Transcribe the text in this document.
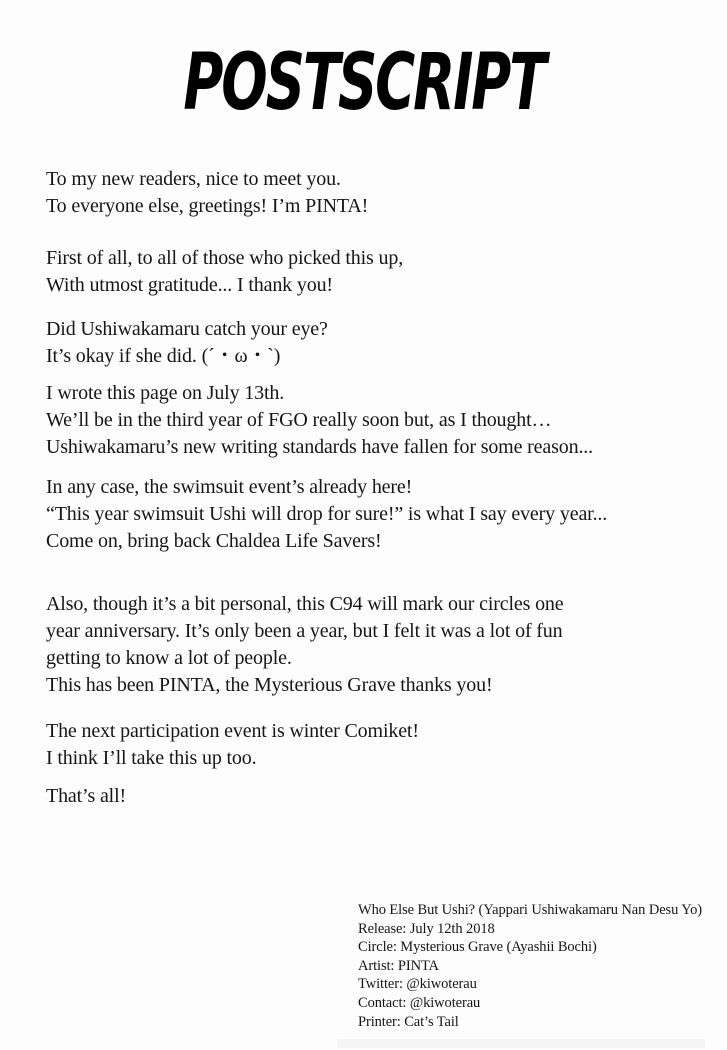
POSTSCRIPT
To my new readers, nice to meet you.
To everyone else, greetings! I’m PINTA!
First of all, to all of those who picked this up,
With utmost gratitude... I thank you!
Did Ushiwakamaru catch your eye?
It’s okay if she did. (´・ω・`)
I wrote this page on July 13th.
We’ll be in the third year of FGO really soon but, as I thought…
Ushiwakamaru’s new writing standards have fallen for some reason...
In any case, the swimsuit event’s already here!
“This year swimsuit Ushi will drop for sure!” is what I say every year...
Come on, bring back Chaldea Life Savers!
Also, though it’s a bit personal, this C94 will mark our circles one
year anniversary. It’s only been a year, but I felt it was a lot of fun
getting to know a lot of people.
This has been PINTA, the Mysterious Grave thanks you!
The next participation event is winter Comiket!
I think I’ll take this up too.
That’s all!
Who Else But Ushi? (Yappari Ushiwakamaru Nan Desu Yo)
Release: July 12th 2018
Circle: Mysterious Grave (Ayashii Bochi)
Artist: PINTA
Twitter: @kiwoterau
Contact: @kiwoterau
Printer: Cat’s Tail
